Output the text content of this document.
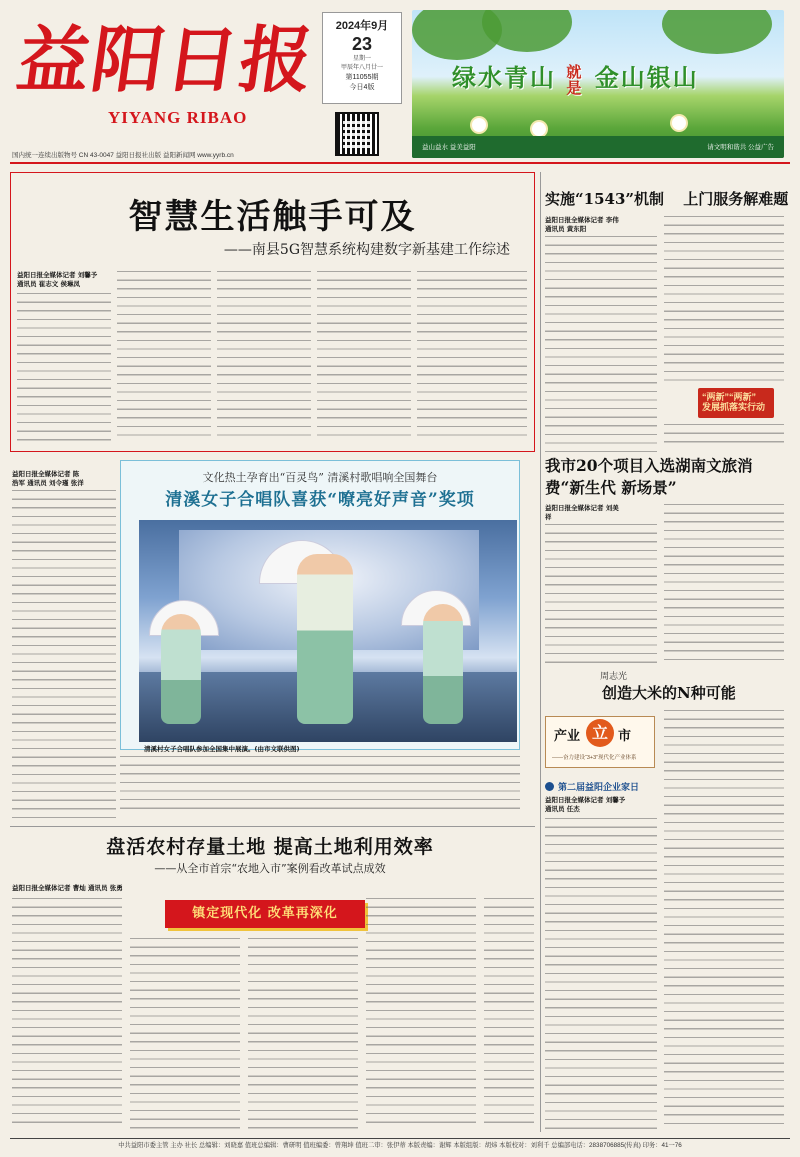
益阳日报
YIYANG RIBAO
2024年9月
23
星期一
甲辰年八月廿一
第11055期
今日4版
国内统一连续出版物号 CN 43-0047 益阳日报社出版 益阳新闻网 www.yyrb.cn
绿水青山 就是 金山银山
益山益水 益美益阳	请文明和谐共 公益广告
智慧生活触手可及
——南县5G智慧系统构建数字新基建工作综述
益阳日报全媒体记者 刘馨予
通讯员 崔志文 侯琳凤
实施“1543”机制 上门服务解难题
益阳日报全媒体记者 李伟
通讯员 黄东阳
“两新”“两新”
发展抓落实行动
益阳日报全媒体记者 陈
浩军 通讯员 刘令瑾 张洋	文化热土孕育出“百灵鸟” 清溪村歌唱响全国舞台
清溪女子合唱队喜获“嘹亮好声音”奖项
清溪村女子合唱队参加全国集中展演。(由市文联供图)
我市20个项目入选湖南文旅消费“新生代 新场景”
益阳日报全媒体记者 刘美
祥
周志光
创造大米的N种可能
产业 立 市
——奋力建设“3+3”现代化产业体系
第二届益阳企业家日
益阳日报全媒体记者 刘馨予
通讯员 任杰
盘活农村存量土地 提高土地利用效率
——从全市首宗“农地入市”案例看改革试点成效
益阳日报全媒体记者 曹灿 通讯员 张勇
镇定现代化 改革再深化
中共益阳市委主管 主办 社长 总编辑：刘晓嘉 值班总编辑：曹研明 值班编委：曾翔坤 值班二审：张伊蒂 本版责编：谢辉 本版组版：胡炜 本版校对：刘利千 总编部电话：2838706885(传真) 印务：41一76
